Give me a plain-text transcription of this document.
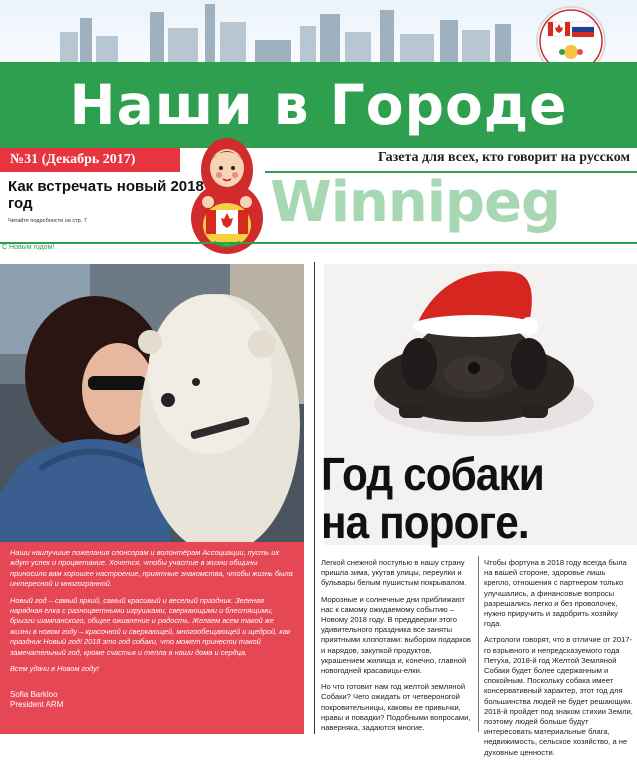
Наши в Городе
№31 (Декабрь 2017)	Газета для всех, кто говорит на русском
Как встречать новый 2018 год
Читайте подробности на стр. 7	Winnipeg
С Новым годом!
Год собаки
на пороге.

Наши наилучшие пожелания спонсорам и волонтёрам Ассоциации, пусть их ждут успех и процветание. Хочется, чтобы участие в жизни общины приносило вам хорошее настроение, приятные знакомства, чтобы жизнь была интересной и многогранной.

Новый год – самый яркий, самый красивый и веселый праздник. Зеленая нарядная елка с разноцветными игрушками, сверкающими и блестящими, брызги шампанского, общее оживление и радость. Желаем всем такой же жизни в новом году – красочной и сверкающей, многообещающей и щедрой, как праздник Новый год! 2018 это год собаки, что может принести такой замечательный год, кроме счастья и тепла в наши дома и сердца.

Всем удачи в Новом году!

Sofia Barkloo
President ARM

Легкой снежной поступью в нашу страну пришла зима, укутав улицы, переулки и бульвары белым пушистым покрывалом.

Морозные и солнечные дни приближают нас к самому ожидаемому событию – Новому 2018 году. В преддверии этого удивительного праздника все заняты приятными хлопотами: выбором подарков и нарядов, закупкой продуктов, украшением жилища и, конечно, главной новогодней красавицы-елки.

Но что готовит нам год желтой земляной Собаки? Чего ожидать от четвероногой покровительницы, каковы ее привычки, нравы и повадки? Подобными вопросами, наверняка, задаются многие.

Чтобы фортуна в 2018 году всегда была на вашей стороне, здоровье лишь крепло, отношения с партнером только улучшались, а финансовые вопросы разрешались легко и без проволочек, нужно приручить и задобрить хозяйку года.

Астрологи говорят, что в отличие от 2017-го взрывного и непредсказуемого года Петуха, 2018-й год Желтой Земляной Собаки будет более сдержанным и спокойным. Поскольку собака имеет консервативный характер, этот год для большинства людей не будет решающим. 2018-й пройдет под знаком стихии Земли, поэтому людей больше будут интересовать материальные блага, недвижимость, сельское хозяйство, а не духовные ценности.
